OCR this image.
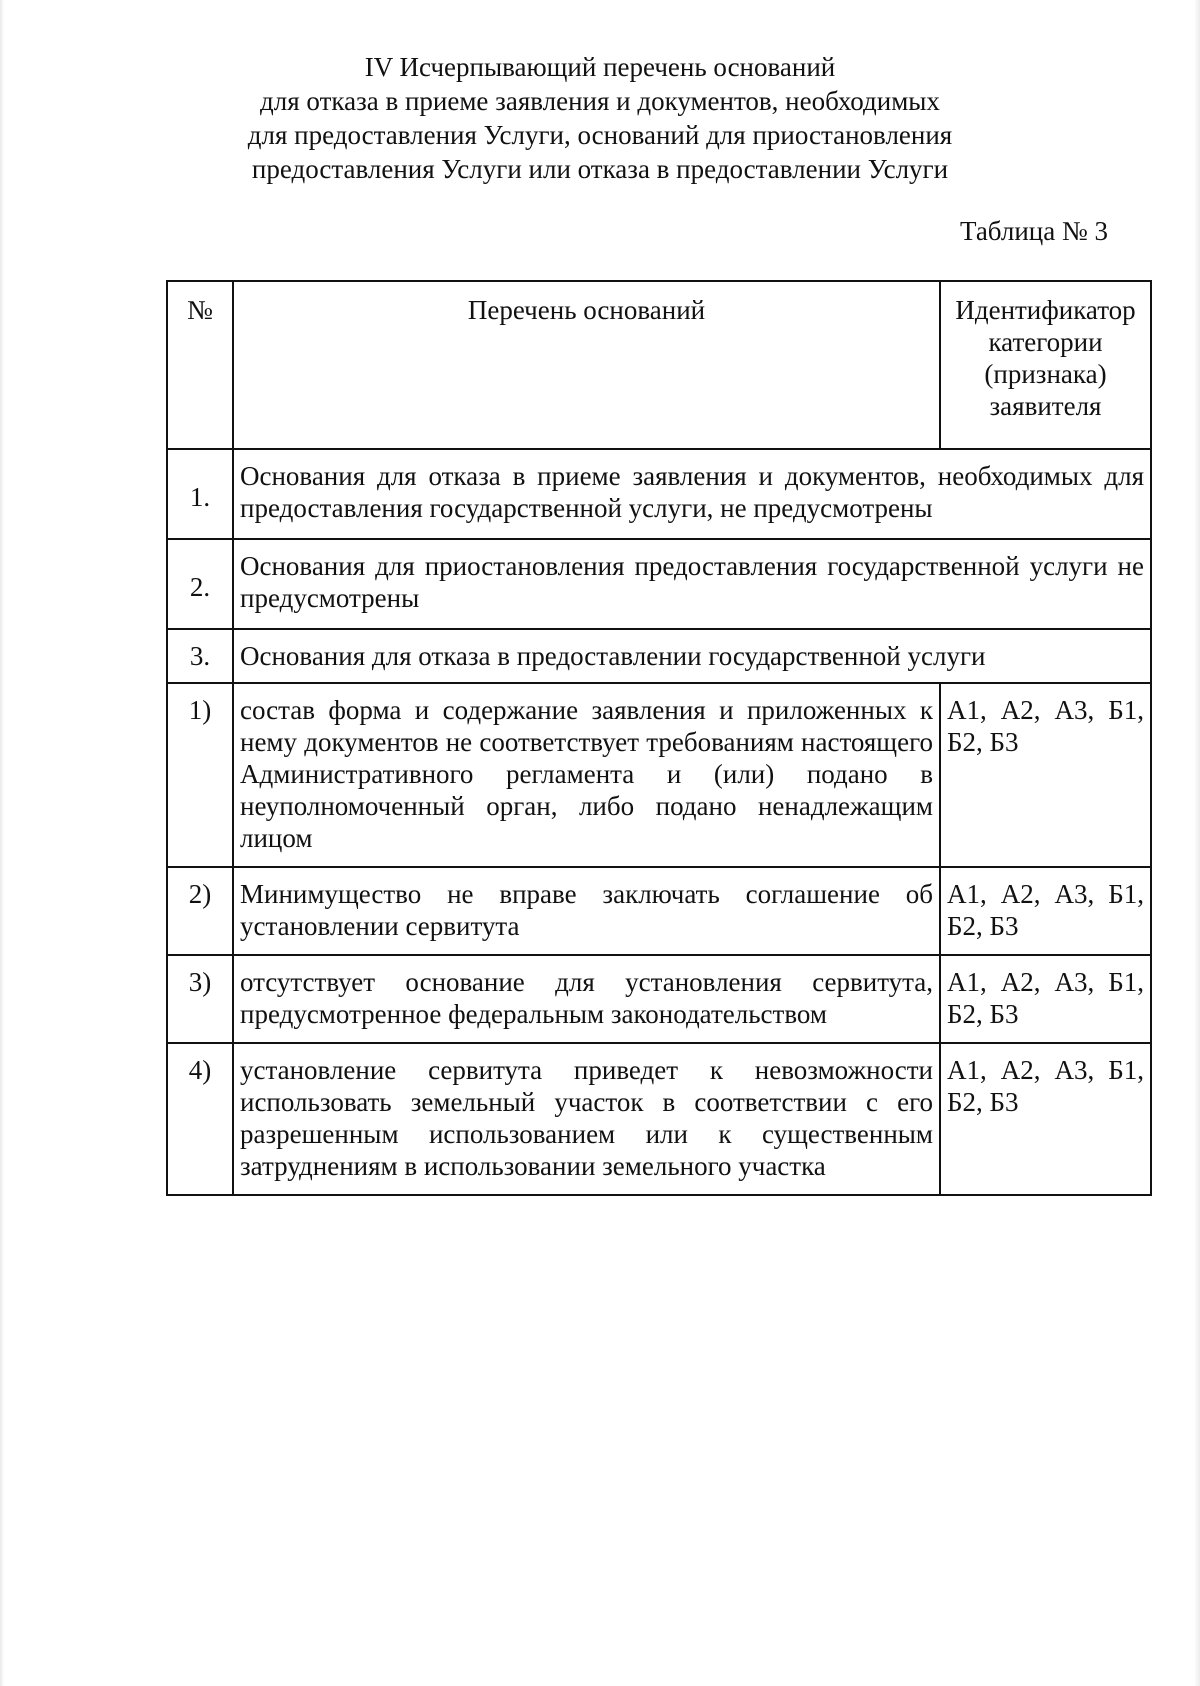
IV Исчерпывающий перечень оснований
для отказа в приеме заявления и документов, необходимых
для предоставления Услуги, оснований для приостановления
предоставления Услуги или отказа в предоставлении Услуги
Таблица № 3
№	Перечень оснований	Идентификатор категории (признака) заявителя
1.	Основания для отказа в приеме заявления и документов, необходимых для предоставления государственной услуги, не предусмотрены	
2.	Основания для приостановления предоставления государственной услуги не предусмотрены	
3.	Основания для отказа в предоставлении государственной услуги	
1)	состав форма и содержание заявления и приложенных к нему документов не соответствует требованиям настоящего Административного регламента и (или) подано в неуполномоченный орган, либо подано ненадлежащим лицом	А1, А2, А3, Б1, Б2, Б3
2)	Минимущество не вправе заключать соглашение об установлении сервитута	А1, А2, А3, Б1, Б2, Б3
3)	отсутствует основание для установления сервитута, предусмотренное федеральным законодательством	А1, А2, А3, Б1, Б2, Б3
4)	установление сервитута приведет к невозможности использовать земельный участок в соответствии с его разрешенным использованием или к существенным затруднениям в использовании земельного участка	А1, А2, А3, Б1, Б2, Б3
